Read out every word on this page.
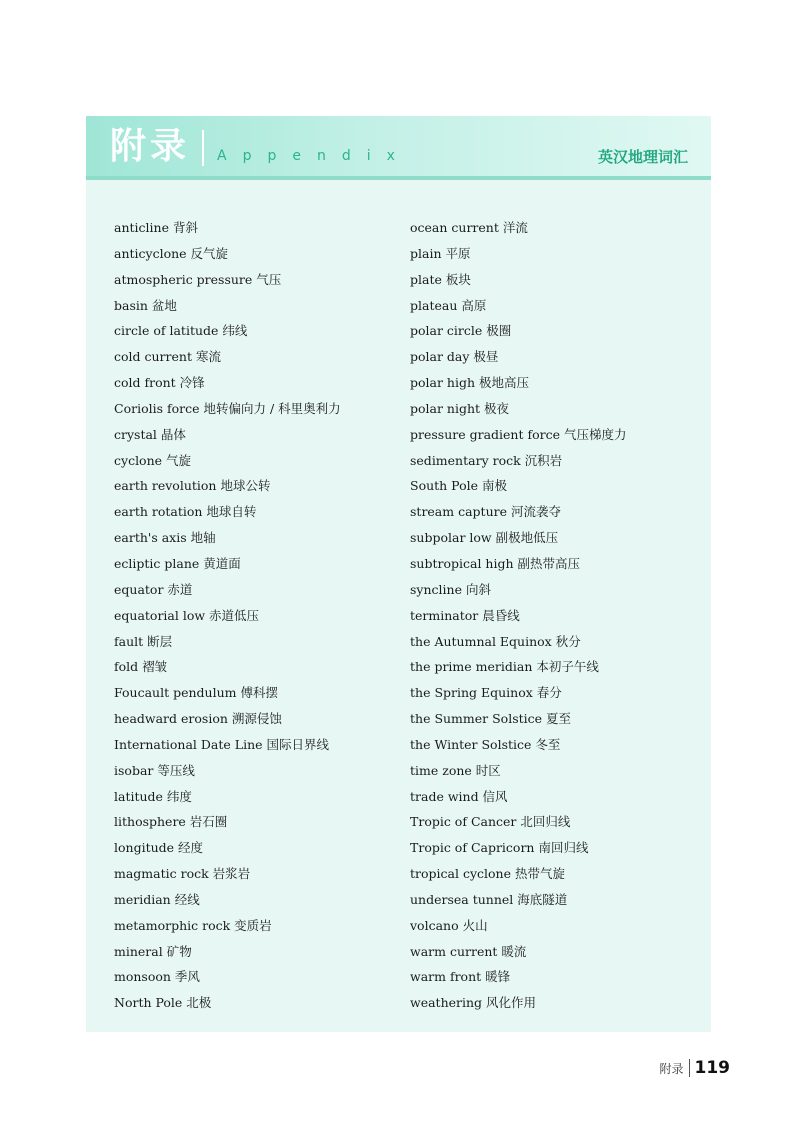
附录 Appendix	英汉地理词汇
anticline 背斜
anticyclone 反气旋
atmospheric pressure 气压
basin 盆地
circle of latitude 纬线
cold current 寒流
cold front 冷锋
Coriolis force 地转偏向力 / 科里奥利力
crystal 晶体
cyclone 气旋
earth revolution 地球公转
earth rotation 地球自转
earth's axis 地轴
ecliptic plane 黄道面
equator 赤道
equatorial low 赤道低压
fault 断层
fold 褶皱
Foucault pendulum 傅科摆
headward erosion 溯源侵蚀
International Date Line 国际日界线
isobar 等压线
latitude 纬度
lithosphere 岩石圈
longitude 经度
magmatic rock 岩浆岩
meridian 经线
metamorphic rock 变质岩
mineral 矿物
monsoon 季风
North Pole 北极
ocean current 洋流
plain 平原
plate 板块
plateau 高原
polar circle 极圈
polar day 极昼
polar high 极地高压
polar night 极夜
pressure gradient force 气压梯度力
sedimentary rock 沉积岩
South Pole 南极
stream capture 河流袭夺
subpolar low 副极地低压
subtropical high 副热带高压
syncline 向斜
terminator 晨昏线
the Autumnal Equinox 秋分
the prime meridian 本初子午线
the Spring Equinox 春分
the Summer Solstice 夏至
the Winter Solstice 冬至
time zone 时区
trade wind 信风
Tropic of Cancer 北回归线
Tropic of Capricorn 南回归线
tropical cyclone 热带气旋
undersea tunnel 海底隧道
volcano 火山
warm current 暖流
warm front 暖锋
weathering 风化作用
附录 119
